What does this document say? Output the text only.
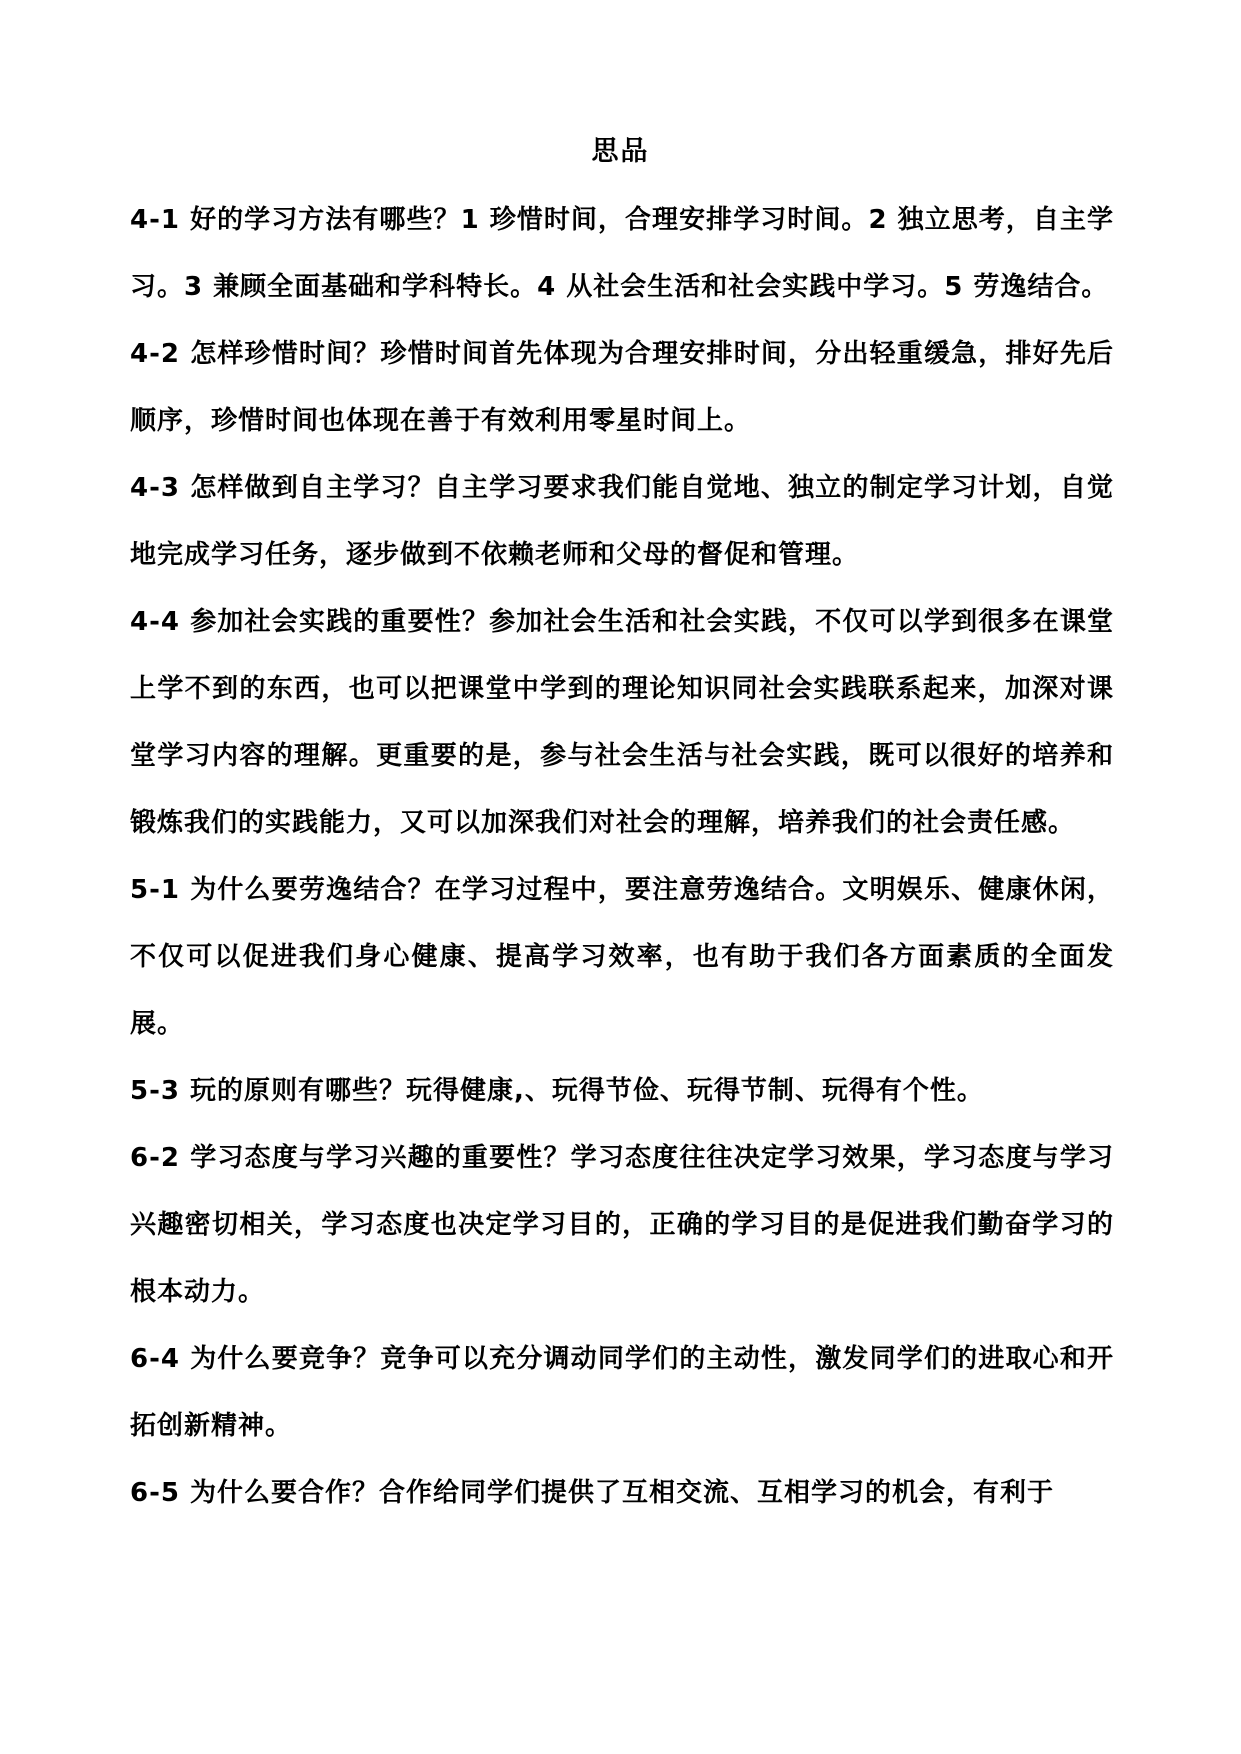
思品

4-1 好的学习方法有哪些？1 珍惜时间，合理安排学习时间。2 独立思考，自主学习。3 兼顾全面基础和学科特长。4 从社会生活和社会实践中学习。5 劳逸结合。

4-2 怎样珍惜时间？珍惜时间首先体现为合理安排时间，分出轻重缓急，排好先后顺序，珍惜时间也体现在善于有效利用零星时间上。

4-3 怎样做到自主学习？自主学习要求我们能自觉地、独立的制定学习计划，自觉地完成学习任务，逐步做到不依赖老师和父母的督促和管理。

4-4 参加社会实践的重要性？参加社会生活和社会实践，不仅可以学到很多在课堂上学不到的东西，也可以把课堂中学到的理论知识同社会实践联系起来，加深对课堂学习内容的理解。更重要的是，参与社会生活与社会实践，既可以很好的培养和锻炼我们的实践能力，又可以加深我们对社会的理解，培养我们的社会责任感。

5-1 为什么要劳逸结合？在学习过程中，要注意劳逸结合。文明娱乐、健康休闲，不仅可以促进我们身心健康、提高学习效率，也有助于我们各方面素质的全面发展。

5-3 玩的原则有哪些？玩得健康,、玩得节俭、玩得节制、玩得有个性。

6-2 学习态度与学习兴趣的重要性？学习态度往往决定学习效果，学习态度与学习兴趣密切相关，学习态度也决定学习目的，正确的学习目的是促进我们勤奋学习的根本动力。

6-4 为什么要竞争？竞争可以充分调动同学们的主动性，激发同学们的进取心和开拓创新精神。

6-5 为什么要合作？合作给同学们提供了互相交流、互相学习的机会，有利于
